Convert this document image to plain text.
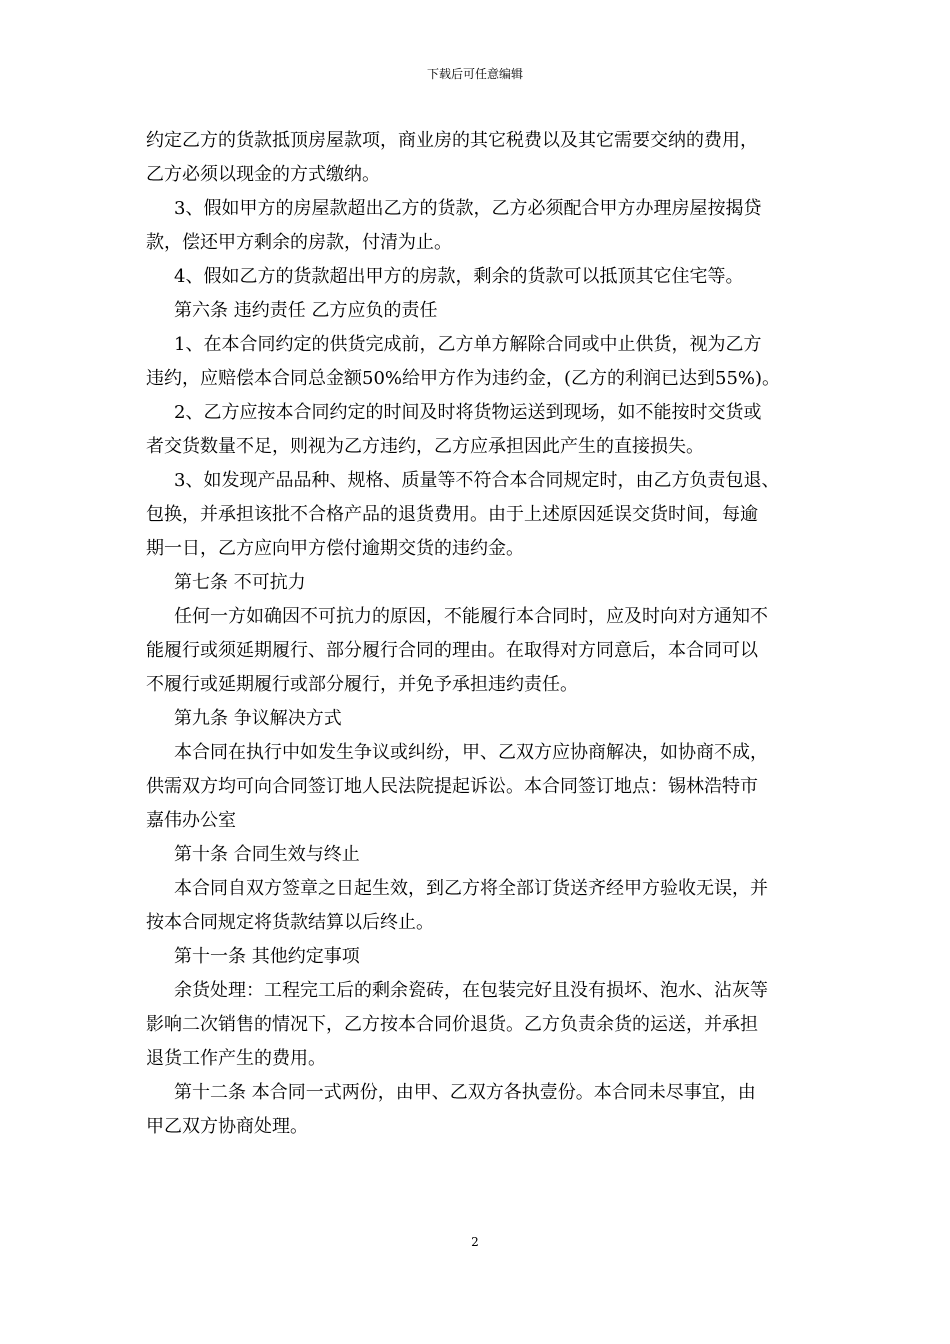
下载后可任意编辑
约定乙方的货款抵顶房屋款项，商业房的其它税费以及其它需要交纳的费用，
乙方必须以现金的方式缴纳。
3、假如甲方的房屋款超出乙方的货款，乙方必须配合甲方办理房屋按揭贷
款，偿还甲方剩余的房款，付清为止。
4、假如乙方的货款超出甲方的房款，剩余的货款可以抵顶其它住宅等。
第六条 违约责任 乙方应负的责任
1、在本合同约定的供货完成前，乙方单方解除合同或中止供货，视为乙方
违约，应赔偿本合同总金额50%给甲方作为违约金，(乙方的利润已达到55%)。
2、乙方应按本合同约定的时间及时将货物运送到现场，如不能按时交货或
者交货数量不足，则视为乙方违约，乙方应承担因此产生的直接损失。
3、如发现产品品种、规格、质量等不符合本合同规定时，由乙方负责包退、
包换，并承担该批不合格产品的退货费用。由于上述原因延误交货时间，每逾
期一日，乙方应向甲方偿付逾期交货的违约金。
第七条 不可抗力
任何一方如确因不可抗力的原因，不能履行本合同时，应及时向对方通知不
能履行或须延期履行、部分履行合同的理由。在取得对方同意后，本合同可以
不履行或延期履行或部分履行，并免予承担违约责任。
第九条 争议解决方式
本合同在执行中如发生争议或纠纷，甲、乙双方应协商解决，如协商不成，
供需双方均可向合同签订地人民法院提起诉讼。本合同签订地点：锡林浩特市
嘉伟办公室
第十条 合同生效与终止
本合同自双方签章之日起生效，到乙方将全部订货送齐经甲方验收无误，并
按本合同规定将货款结算以后终止。
第十一条 其他约定事项
余货处理：工程完工后的剩余瓷砖，在包装完好且没有损坏、泡水、沾灰等
影响二次销售的情况下，乙方按本合同价退货。乙方负责余货的运送，并承担
退货工作产生的费用。
第十二条 本合同一式两份，由甲、乙双方各执壹份。本合同未尽事宜，由
甲乙双方协商处理。
2
